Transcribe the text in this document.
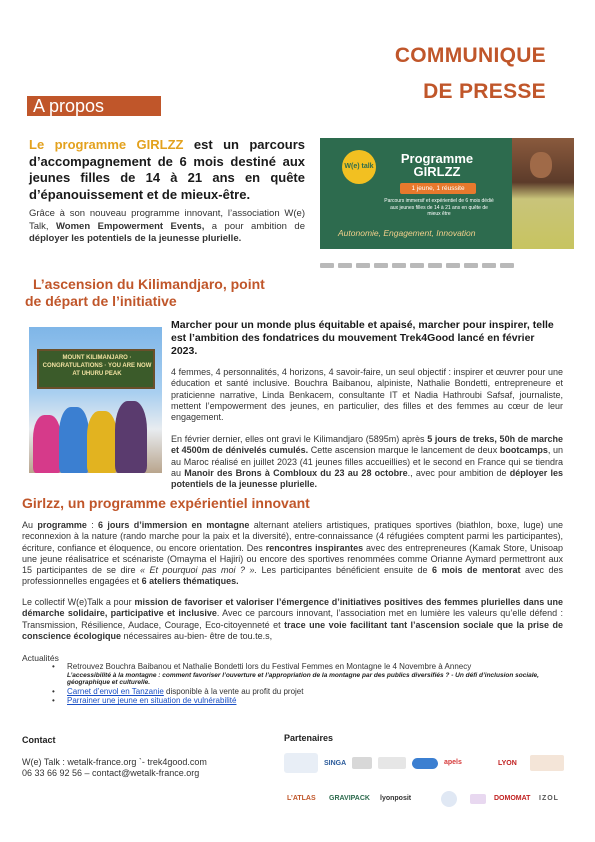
COMMUNIQUE
DE PRESSE
A propos
Le programme GIRLZZ est un parcours d’accompagnement de 6 mois destiné aux jeunes filles de 14 à 21 ans en quête d’épanouissement et de mieux-être.
Grâce à son nouveau programme innovant, l’association W(e) Talk, Women Empowerment Events, a pour ambition de déployer les potentiels de la jeunesse plurielle.
W(e) talk
Programme GIRLZZ
1 jeune, 1 réussite
Parcours immersif et expérientiel de 6 mois dédié aux jeunes filles de 14 à 21 ans en quête de mieux être
Autonomie, Engagement, Innovation
L’ascension du Kilimandjaro, point
de départ de l’initiative
MOUNT KILIMANJARO · CONGRATULATIONS · YOU ARE NOW AT UHURU PEAK
Marcher pour un monde plus équitable et apaisé, marcher pour inspirer, telle est l’ambition des fondatrices du mouvement Trek4Good lancé en février 2023.
4 femmes, 4 personnalités, 4 horizons, 4 savoir-faire, un seul objectif : inspirer et œuvrer pour une éducation et santé inclusive. Bouchra Baibanou, alpiniste, Nathalie Bondetti, entrepreneure et praticienne narrative, Linda Benkacem, consultante IT et Nadia Hathroubi Safsaf, journaliste, mettent l’empowerment des jeunes, en particulier, des filles et des femmes au cœur de leur engagement.
En février dernier, elles ont gravi le Kilimandjaro (5895m) après 5 jours de treks, 50h de marche et 4500m de dénivelés cumulés. Cette ascension marque le lancement de deux bootcamps, un au Maroc réalisé en juillet 2023 (41 jeunes filles accueillies) et le second en France qui se tiendra au Manoir des Brons à Combloux du 23 au 28 octobre., avec pour ambition de déployer les potentiels de la jeunesse plurielle.
Girlzz, un programme expérientiel innovant
Au programme : 6 jours d’immersion en montagne alternant ateliers artistiques, pratiques sportives (biathlon, boxe, luge) une reconnexion à la nature (rando marche pour la paix et la diversité), entre-connaissance (4 réfugiées comptent parmi les participantes), écriture, confiance et éloquence, ou encore orientation. Des rencontres inspirantes avec des entrepreneures (Kamak Store, Unisoap une jeune réalisatrice et scénariste (Omayma el Hajiri) ou encore des sportives renommées comme Orianne Aymard permettront aux 15 participantes de se dire « Et pourquoi pas moi ? ». Les participantes bénéficient ensuite de 6 mois de mentorat avec des professionnelles engagées et 6 ateliers thématiques.
Le collectif W(e)Talk a pour mission de favoriser et valoriser l’émergence d’initiatives positives des femmes plurielles dans une démarche solidaire, participative et inclusive. Avec ce parcours innovant, l’association met en lumière les valeurs qu’elle défend : Transmission, Résilience, Audace, Courage, Eco-citoyenneté et trace une voie facilitant tant l’ascension sociale que la prise de conscience écologique nécessaires au-bien- être de tou.te.s,
Actualités
• Retrouvez Bouchra Baibanou et Nathalie Bondetti lors du Festival Femmes en Montagne le 4 Novembre à Annecy
L’accessibilité à la montagne : comment favoriser l’ouverture et l’appropriation de la montagne par des publics diversifiés ? - Un défi d’inclusion sociale, géographique et culturelle.
• Carnet d’envol en Tanzanie disponible à la vente au profit du projet
• Parrainer une jeune en situation de vulnérabilité
Contact
W(e) Talk : wetalk-france.org `- trek4good.com
06 33 66 92 56 – contact@wetalk-france.org
Partenaires
SINGA	apels	LYON
L’ATLAS GRAVIPACK lyonposit	DOMOMAT IZOL
